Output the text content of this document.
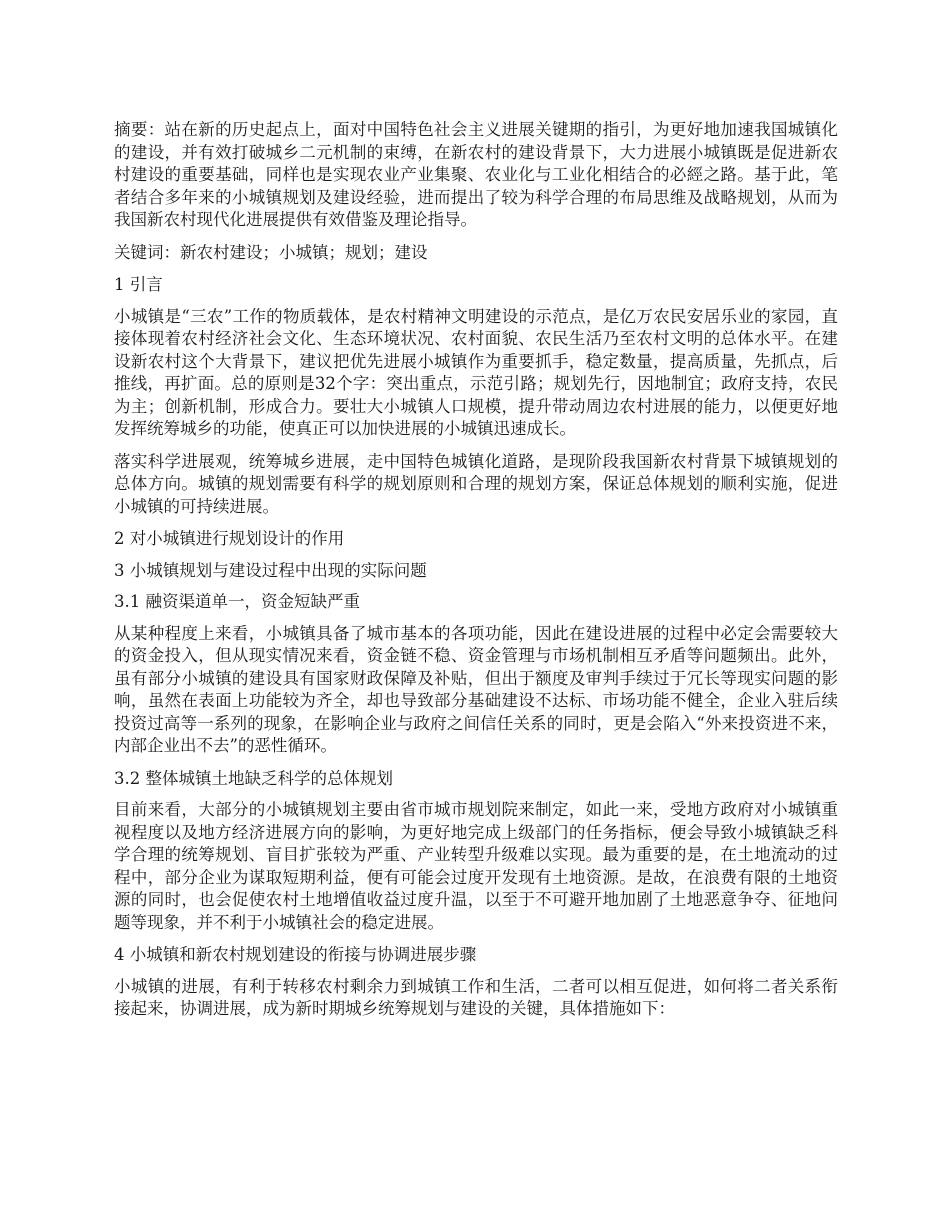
摘要：站在新的历史起点上，面对中国特色社会主义进展关键期的指引，为更好地加速我国城镇化的建设，并有效打破城乡二元机制的束缚，在新农村的建设背景下，大力进展小城镇既是促进新农村建设的重要基础，同样也是实现农业产业集聚、农业化与工业化相结合的必經之路。基于此，笔者结合多年来的小城镇规划及建设经验，进而提出了较为科学合理的布局思维及战略规划，从而为我国新农村现代化进展提供有效借鉴及理论指导。

关键词：新农村建设；小城镇；规划；建设

1 引言

小城镇是“三农”工作的物质载体，是农村精神文明建设的示范点，是亿万农民安居乐业的家园，直接体现着农村经济社会文化、生态环境状况、农村面貌、农民生活乃至农村文明的总体水平。在建设新农村这个大背景下，建议把优先进展小城镇作为重要抓手，稳定数量，提高质量，先抓点，后推线，再扩面。总的原则是32个字：突出重点，示范引路；规划先行，因地制宜；政府支持，农民为主；创新机制，形成合力。要壮大小城镇人口规模，提升带动周边农村进展的能力，以便更好地发挥统筹城乡的功能，使真正可以加快进展的小城镇迅速成长。

落实科学进展观，统筹城乡进展，走中国特色城镇化道路，是现阶段我国新农村背景下城镇规划的总体方向。城镇的规划需要有科学的规划原则和合理的规划方案，保证总体规划的顺利实施，促进小城镇的可持续进展。

2 对小城镇进行规划设计的作用

3 小城镇规划与建设过程中出现的实际问题

3.1 融资渠道单一，资金短缺严重

从某种程度上来看，小城镇具备了城市基本的各项功能，因此在建设进展的过程中必定会需要较大的资金投入，但从现实情况来看，资金链不稳、资金管理与市场机制相互矛盾等问题频出。此外，虽有部分小城镇的建设具有国家财政保障及补贴，但出于额度及审判手续过于冗长等现实问题的影响，虽然在表面上功能较为齐全，却也导致部分基础建设不达标、市场功能不健全，企业入驻后续投资过高等一系列的现象，在影响企业与政府之间信任关系的同时，更是会陷入“外来投资进不来，内部企业出不去”的恶性循环。

3.2 整体城镇土地缺乏科学的总体规划

目前来看，大部分的小城镇规划主要由省市城市规划院来制定，如此一来，受地方政府对小城镇重视程度以及地方经济进展方向的影响，为更好地完成上级部门的任务指标，便会导致小城镇缺乏科学合理的统筹规划、盲目扩张较为严重、产业转型升级难以实现。最为重要的是，在土地流动的过程中，部分企业为谋取短期利益，便有可能会过度开发现有土地资源。是故，在浪费有限的土地资源的同时，也会促使农村土地增值收益过度升温，以至于不可避开地加剧了土地恶意争夺、征地问题等现象，并不利于小城镇社会的稳定进展。

4 小城镇和新农村规划建设的衔接与协调进展步骤

小城镇的进展，有利于转移农村剩余力到城镇工作和生活，二者可以相互促进，如何将二者关系衔接起来，协调进展，成为新时期城乡统筹规划与建设的关键，具体措施如下：
